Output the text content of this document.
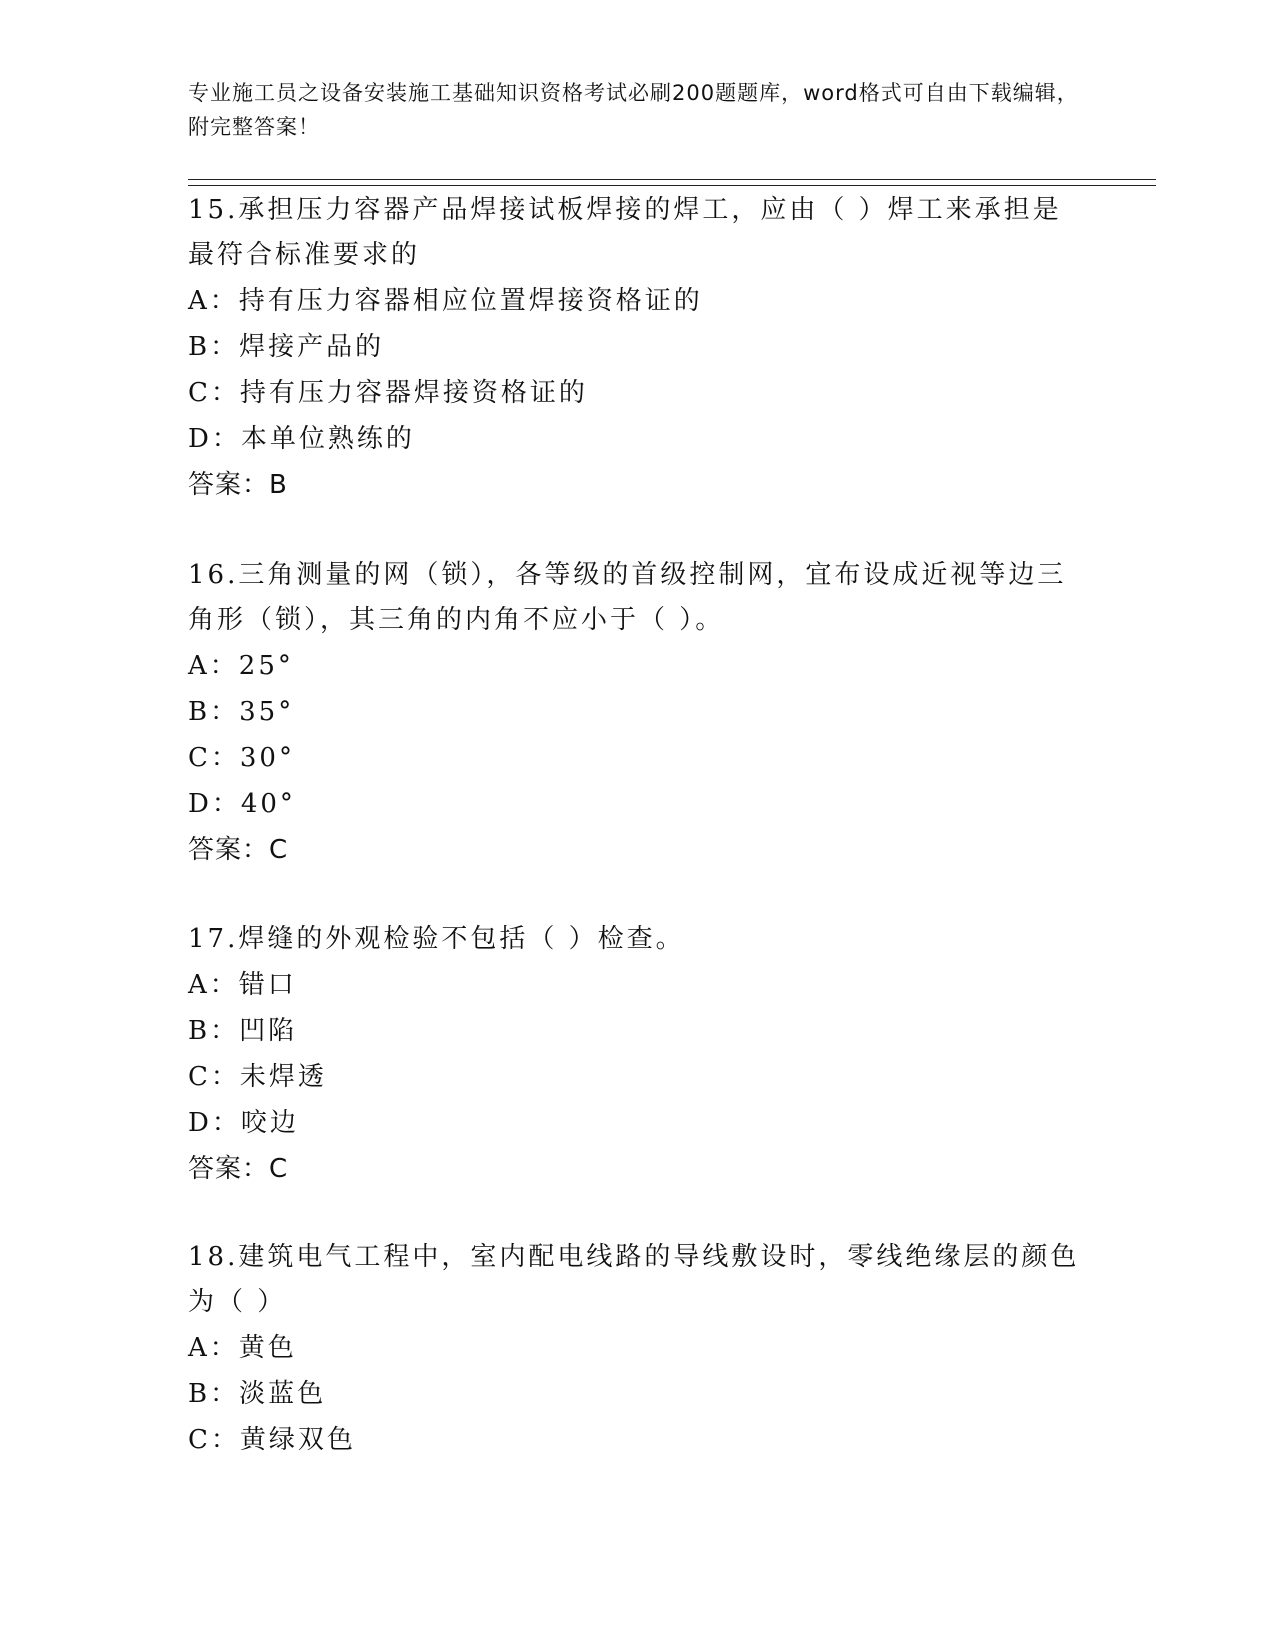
专业施工员之设备安装施工基础知识资格考试必刷200题题库，word格式可自由下载编辑，附完整答案！
15.承担压力容器产品焊接试板焊接的焊工，应由（ ）焊工来承担是最符合标准要求的
A：持有压力容器相应位置焊接资格证的
B：焊接产品的
C：持有压力容器焊接资格证的
D：本单位熟练的
答案：B
16.三角测量的网（锁），各等级的首级控制网，宜布设成近视等边三角形（锁），其三角的内角不应小于（ ）。
A：25°
B：35°
C：30°
D：40°
答案：C
17.焊缝的外观检验不包括（ ）检查。
A：错口
B：凹陷
C：未焊透
D：咬边
答案：C
18.建筑电气工程中，室内配电线路的导线敷设时，零线绝缘层的颜色为（ ）
A：黄色
B：淡蓝色
C：黄绿双色
